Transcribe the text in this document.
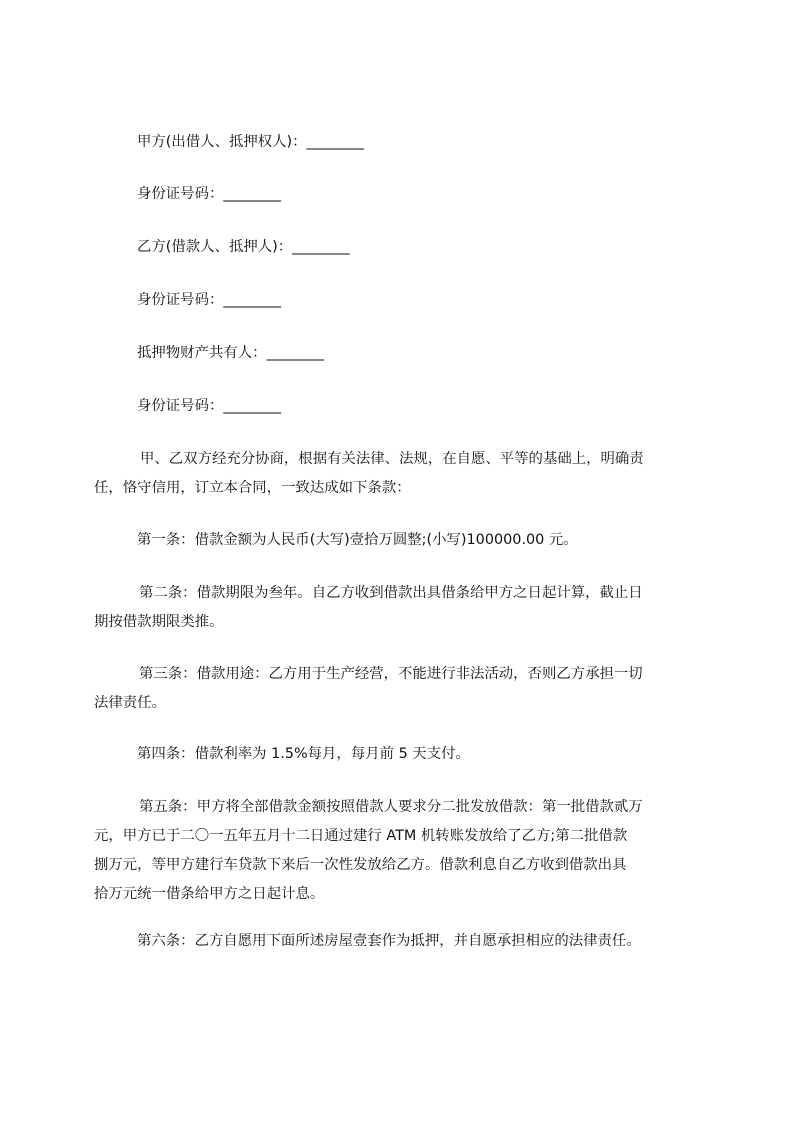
甲方(出借人、抵押权人)：________
身份证号码：________
乙方(借款人、抵押人)：________
身份证号码：________
抵押物财产共有人：________
身份证号码：________
甲、乙双方经充分协商，根据有关法律、法规，在自愿、平等的基础上，明确责
任，恪守信用，订立本合同，一致达成如下条款：
第一条：借款金额为人民币(大写)壹拾万圆整;(小写)100000.00 元。
第二条：借款期限为叁年。自乙方收到借款出具借条给甲方之日起计算，截止日
期按借款期限类推。
第三条：借款用途：乙方用于生产经营，不能进行非法活动，否则乙方承担一切
法律责任。
第四条：借款利率为 1.5%每月，每月前 5 天支付。
第五条：甲方将全部借款金额按照借款人要求分二批发放借款：第一批借款贰万
元，甲方已于二〇一五年五月十二日通过建行 ATM 机转账发放给了乙方;第二批借款
捌万元，等甲方建行车贷款下来后一次性发放给乙方。借款利息自乙方收到借款出具
拾万元统一借条给甲方之日起计息。
第六条：乙方自愿用下面所述房屋壹套作为抵押，并自愿承担相应的法律责任。
